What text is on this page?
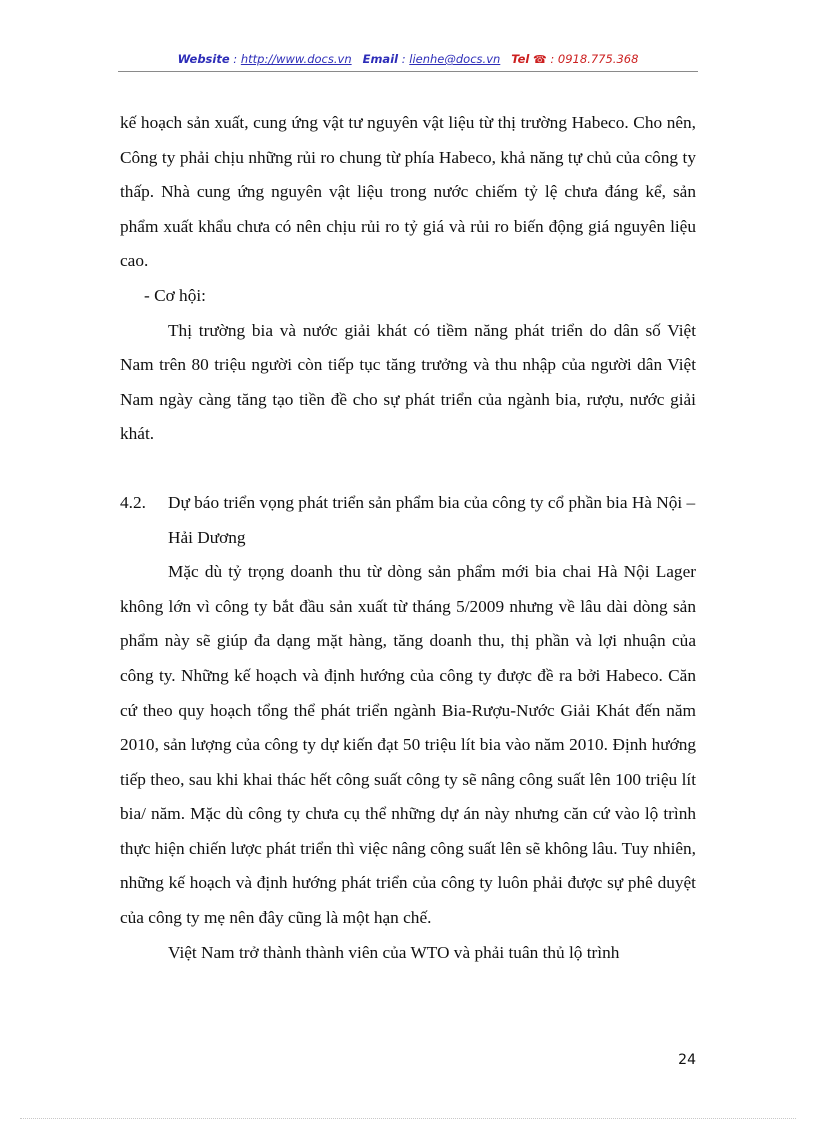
Website : http://www.docs.vn Email : lienhe@docs.vn Tel ☎ : 0918.775.368

kế hoạch sản xuất, cung ứng vật tư nguyên vật liệu từ thị trường Habeco. Cho nên, Công ty phải chịu những rủi ro chung từ phía Habeco, khả năng tự chủ của công ty thấp. Nhà cung ứng nguyên vật liệu trong nước chiếm tỷ lệ chưa đáng kể, sản phẩm xuất khẩu chưa có nên chịu rủi ro tỷ giá và rủi ro biến động giá nguyên liệu cao.

- Cơ hội:

Thị trường bia và nước giải khát có tiềm năng phát triển do dân số Việt Nam trên 80 triệu người còn tiếp tục tăng trưởng và thu nhập của người dân Việt Nam ngày càng tăng tạo tiền đề cho sự phát triển của ngành bia, rượu, nước giải khát.

4.2.	Dự báo triển vọng phát triển sản phẩm bia của công ty cổ phần bia Hà Nội – Hải Dương

Mặc dù tỷ trọng doanh thu từ dòng sản phẩm mới bia chai Hà Nội Lager không lớn vì công ty bắt đầu sản xuất từ tháng 5/2009 nhưng về lâu dài dòng sản phẩm này sẽ giúp đa dạng mặt hàng, tăng doanh thu, thị phần và lợi nhuận của công ty. Những kế hoạch và định hướng của công ty được đề ra bởi Habeco. Căn cứ theo quy hoạch tổng thể phát triển ngành Bia-Rượu-Nước Giải Khát đến năm 2010, sản lượng của công ty dự kiến đạt 50 triệu lít bia vào năm 2010. Định hướng tiếp theo, sau khi khai thác hết công suất công ty sẽ nâng công suất lên 100 triệu lít bia/ năm. Mặc dù công ty chưa cụ thể những dự án này nhưng căn cứ vào lộ trình thực hiện chiến lược phát triển thì việc nâng công suất lên sẽ không lâu. Tuy nhiên, những kế hoạch và định hướng phát triển của công ty luôn phải được sự phê duyệt của công ty mẹ nên đây cũng là một hạn chế.

Việt Nam trở thành thành viên của WTO và phải tuân thủ lộ trình

24
